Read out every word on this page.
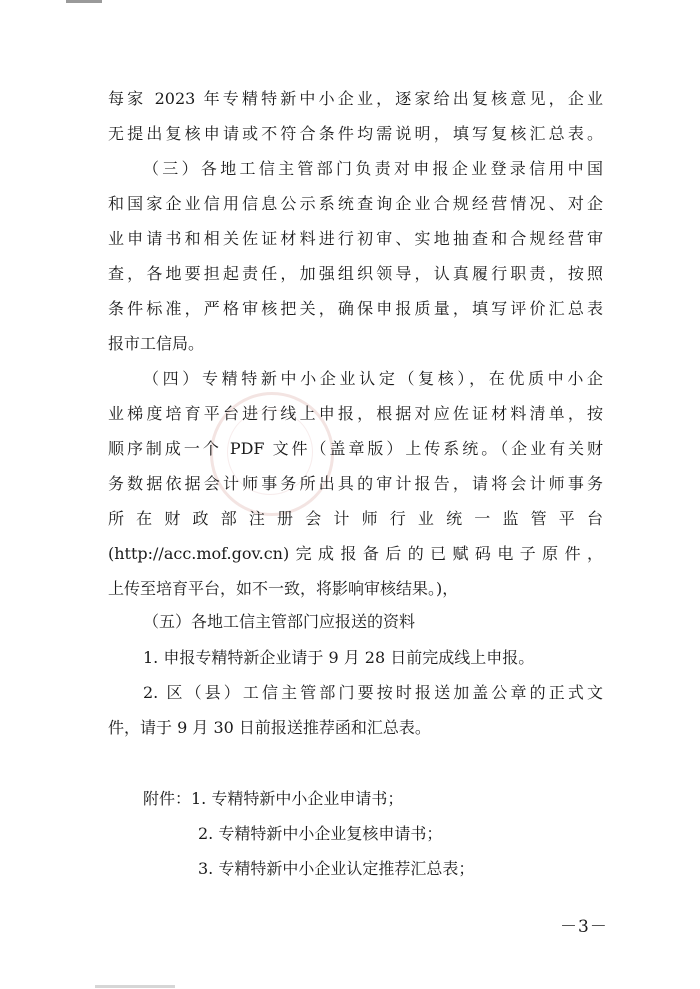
每家 2023 年专精特新中小企业，逐家给出复核意见，企业
无提出复核申请或不符合条件均需说明，填写复核汇总表。
（三）各地工信主管部门负责对申报企业登录信用中国
和国家企业信用信息公示系统查询企业合规经营情况、对企
业申请书和相关佐证材料进行初审、实地抽查和合规经营审
查，各地要担起责任，加强组织领导，认真履行职责，按照
条件标准，严格审核把关，确保申报质量，填写评价汇总表
报市工信局。
（四）专精特新中小企业认定（复核），在优质中小企
业梯度培育平台进行线上申报，根据对应佐证材料清单，按
顺序制成一个 PDF 文件（盖章版）上传系统。（企业有关财
务数据依据会计师事务所出具的审计报告，请将会计师事务
所在财政部注册会计师行业统一监管平台
(http://acc.mof.gov.cn)完成报备后的已赋码电子原件，
上传至培育平台，如不一致，将影响审核结果。)，
（五）各地工信主管部门应报送的资料
1. 申报专精特新企业请于 9 月 28 日前完成线上申报。
2. 区（县）工信主管部门要按时报送加盖公章的正式文
件，请于 9 月 30 日前报送推荐函和汇总表。
附件：1. 专精特新中小企业申请书；
2. 专精特新中小企业复核申请书；
3. 专精特新中小企业认定推荐汇总表；
－3－
